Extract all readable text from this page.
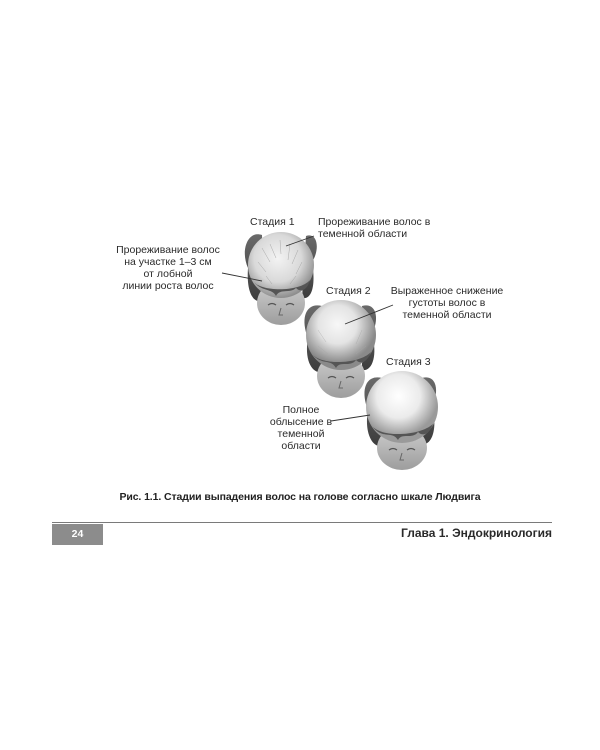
Стадия 1 Прореживание волос в
теменной области
Прореживание волос
на участке 1–3 см
от лобной
линии роста волос	Стадия 2	Выраженное снижение
густоты волос в
теменной области
Стадия 3
Полное
облысение в
теменной
области
Рис. 1.1. Стадии выпадения волос на голове согласно шкале Людвига
24	Глава 1. Эндокринология
